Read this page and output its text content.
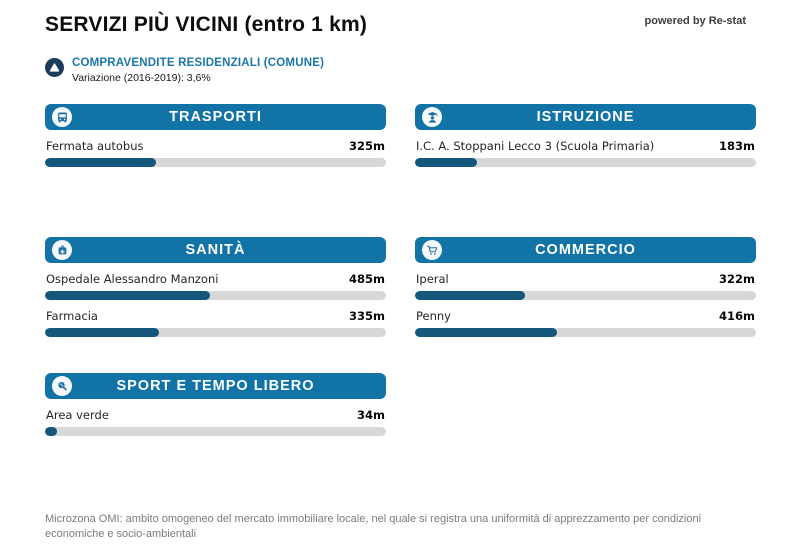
SERVIZI PIÙ VICINI (entro 1 km)	powered by Re-stat
COMPRAVENDITE RESIDENZIALI (COMUNE)
Variazione (2016-2019): 3,6%
TRASPORTI
Fermata autobus	325m
ISTRUZIONE
I.C. A. Stoppani Lecco 3 (Scuola Primaria)	183m
SANITÀ
Ospedale Alessandro Manzoni	485m
Farmacia	335m
COMMERCIO
Iperal	322m
Penny	416m
SPORT E TEMPO LIBERO
Area verde	34m
Microzona OMI: ambito omogeneo del mercato immobiliare locale, nel quale si registra una uniformità di apprezzamento per condizioni economiche e socio-ambientali
